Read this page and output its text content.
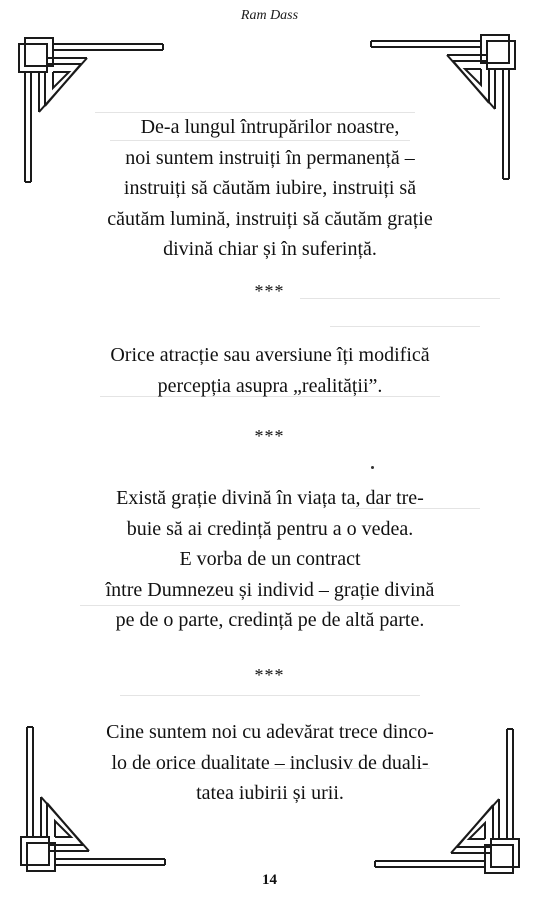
Ram Dass
De-a lungul întrupărilor noastre,
noi suntem instruiți în permanență –
instruiți să căutăm iubire, instruiți să
căutăm lumină, instruiți să căutăm grație
divină chiar și în suferință.
***
Orice atracție sau aversiune îți modifică
percepția asupra „realității”.
***
Există grație divină în viața ta, dar tre-
buie să ai credință pentru a o vedea.
E vorba de un contract
între Dumnezeu și individ – grație divină
pe de o parte, credință pe de altă parte.
***
Cine suntem noi cu adevărat trece dinco-
lo de orice dualitate – inclusiv de duali-
tatea iubirii și urii.
14
